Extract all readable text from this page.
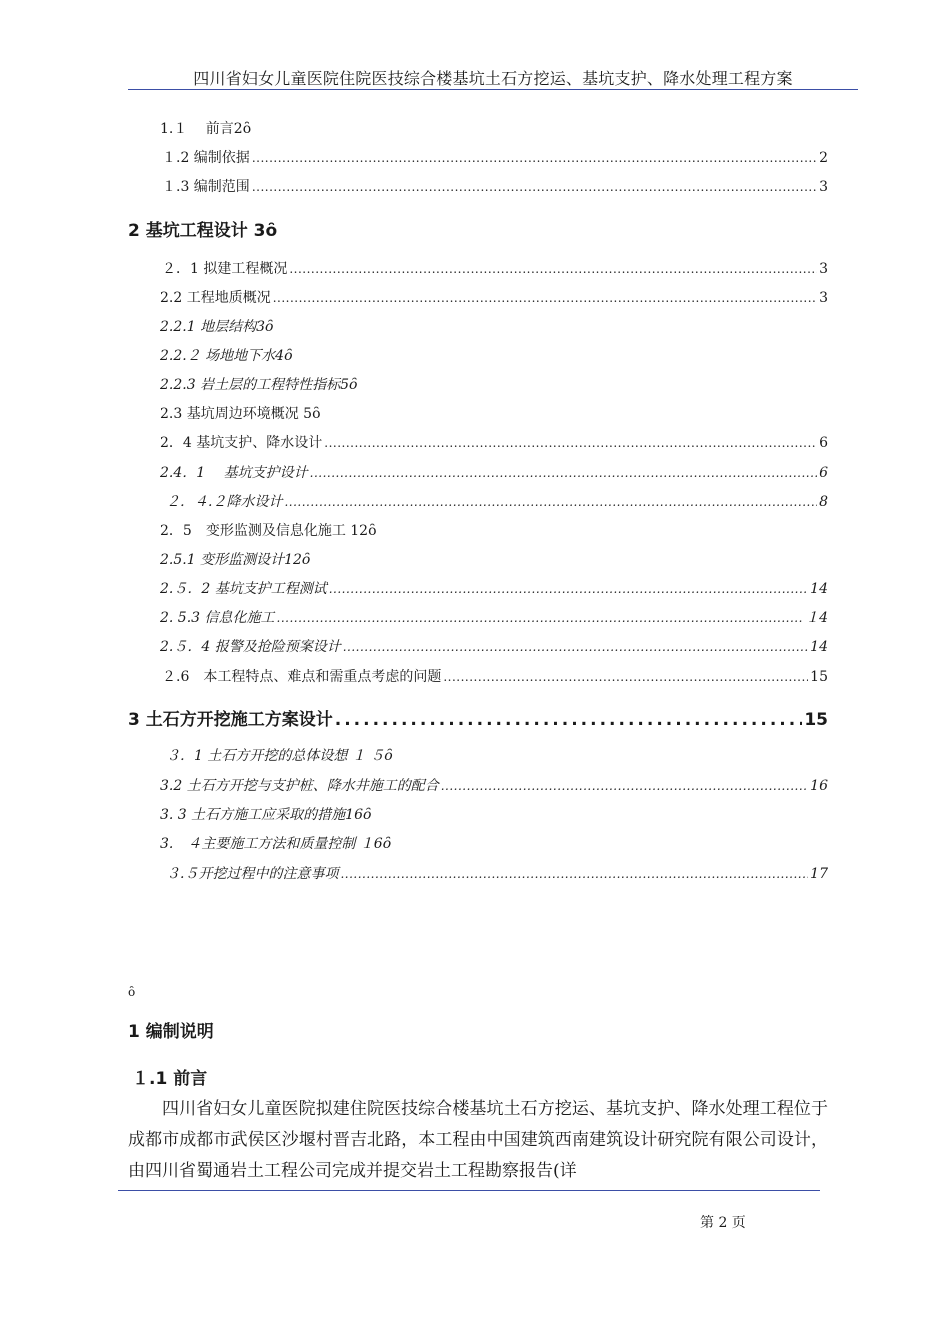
四川省妇女儿童医院住院医技综合楼基坑土石方挖运、基坑支护、降水处理工程方案
1.１　 前言2 ȏ
１.2 编制依据 .....	2
１.3 编制范围 .....	3
2 基坑工程设计 3 ȏ
２．1 拟建工程概况 .....	3
2.2 工程地质概况 .....	3
2.2.1 地层结构3 ȏ
2.2.２ 场地地下水4 ȏ
2.2.3 岩土层的工程特性指标5 ȏ
2.3 基坑周边环境概况 5 ȏ
2．4 基坑支护、降水设计 .....	6
2.4．1　 基坑支护设计 .....	6
２．４.２降水设计 .....	8
2．5　变形监测及信息化施工 12 ȏ
2.5.1 变形监测设计12 ȏ
2.５．2 基坑支护工程测试 .....	14
2. 5.3 信息化施工 .....	１4
2.５．4 报警及抢险预案设计 .....	14
２.6　本工程特点、难点和需重点考虑的问题 .....	15
3 土石方开挖施工方案设计 .....	15
３．1 土石方开挖的总体设想 １ ５ ȏ
3.2 土石方开挖与支护桩、降水井施工的配合 .....	16
3. 3 土石方施工应采取的措施16 ȏ
3.　４主要施工方法和质量控制 １6 ȏ
３.５开挖过程中的注意事项 .....	17
ȏ
1 编制说明
１.1 前言
四川省妇女儿童医院拟建住院医技综合楼基坑土石方挖运、基坑支护、降水处理工程位于成都市成都市武侯区沙堰村晋吉北路，本工程由中国建筑西南建筑设计研究院有限公司设计，由四川省蜀通岩土工程公司完成并提交岩土工程勘察报告(详
第 2 页
